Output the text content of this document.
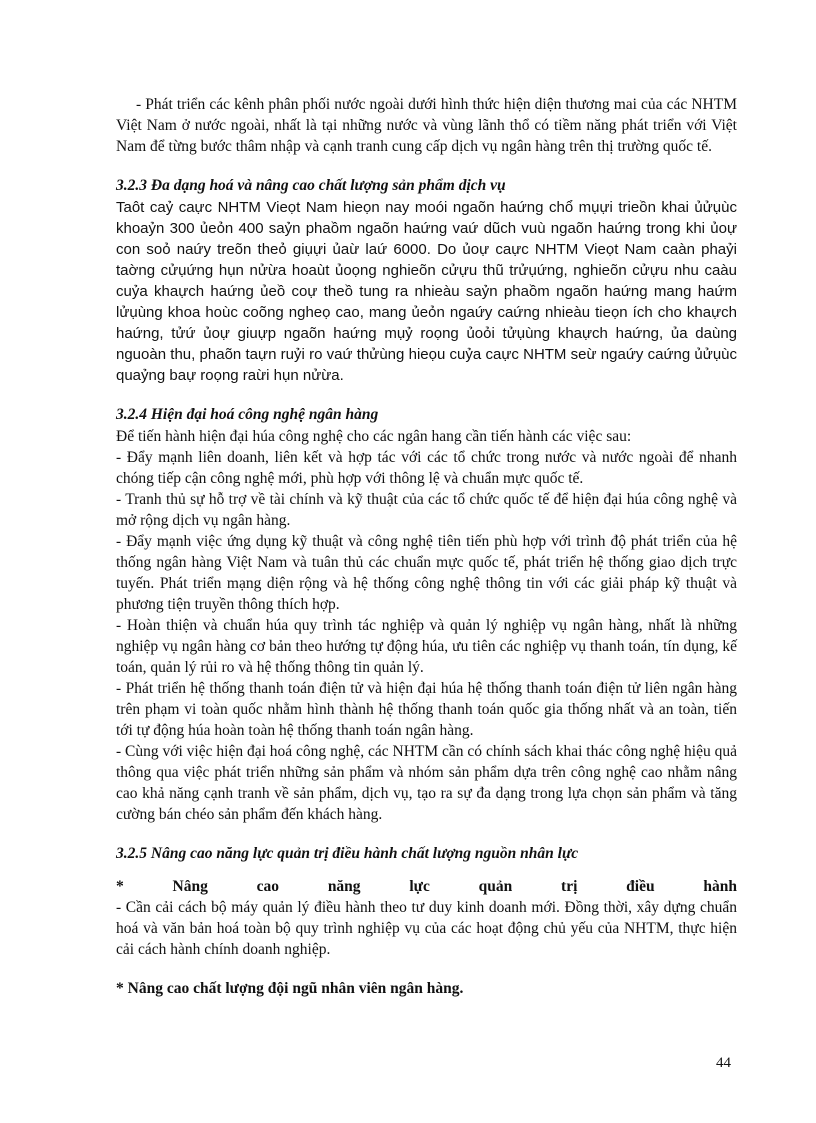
- Phát triển các kênh phân phối nước ngoài dưới hình thức hiện diện thương mai của các NHTM Việt Nam ở nước ngoài, nhất là tại những nước và vùng lãnh thổ có tiềm năng phát triển với Việt Nam để từng bước thâm nhập và cạnh tranh cung cấp dịch vụ ngân hàng trên thị trường quốc tế.

3.2.3 Đa dạng hoá và nâng cao chất lượng sản phẩm dịch vụ

Taôt caỷ caực NHTM Vieọt Nam hieọn nay moói ngaõn haứng chổ mụựi trieồn khai ủửụùc khoaỷn 300 ủeỏn 400 saỷn phaồm ngaõn haứng vaứ dũch vuù ngaõn haứng trong khi ủoự con soỏ naứy treõn theỏ giụựi ủaừ laứ 6000. Do ủoự caực NHTM Vieọt Nam caàn phaỷi taờng cửụứng hụn nửừa hoaùt ủoọng nghieõn cửựu thũ trửụứng, nghieõn cửựu nhu caàu cuỷa khaựch haứng ủeồ coự theồ tung ra nhieàu saỷn phaồm ngaõn haứng mang haứm lửụùng khoa hoùc coõng ngheọ cao, mang ủeỏn ngaứy caứng nhieàu tieọn ích cho khaựch haứng, tửứ ủoự giuựp ngaõn haứng mụỷ roọng ủoỏi tửụùng khaựch haứng, ủa daùng nguoàn thu, phaõn taựn ruỷi ro vaứ thửùng hieọu cuỷa caực NHTM seừ ngaứy caứng ủửụùc quaỷng baự roọng raừi hụn nửừa.

3.2.4 Hiện đại hoá công nghệ ngân hàng

Để tiến hành hiện đại húa công nghệ cho các ngân hang cần tiến hành các việc sau:

- Đẩy mạnh liên doanh, liên kết và hợp tác với các tổ chức trong nước và nước ngoài để nhanh chóng tiếp cận công nghệ mới, phù hợp với thông lệ và chuẩn mực quốc tế.

- Tranh thủ sự hỗ trợ về tài chính và kỹ thuật của các tổ chức quốc tế để hiện đại húa công nghệ và mở rộng dịch vụ ngân hàng.

- Đẩy mạnh việc ứng dụng kỹ thuật và công nghệ tiên tiến phù hợp với trình độ phát triển của hệ thống ngân hàng Việt Nam và tuân thủ các chuẩn mực quốc tế, phát triển hệ thống giao dịch trực tuyến. Phát triển mạng diện rộng và hệ thống công nghệ thông tin với các giải pháp kỹ thuật và phương tiện truyền thông thích hợp.

- Hoàn thiện và chuẩn húa quy trình tác nghiệp và quản lý nghiệp vụ ngân hàng, nhất là những nghiệp vụ ngân hàng cơ bản theo hướng tự động húa, ưu tiên các nghiệp vụ thanh toán, tín dụng, kế toán, quản lý rủi ro và hệ thống thông tin quản lý.

- Phát triển hệ thống thanh toán điện tử và hiện đại húa hệ thống thanh toán điện tử liên ngân hàng trên phạm vi toàn quốc nhằm hình thành hệ thống thanh toán quốc gia thống nhất và an toàn, tiến tới tự động húa hoàn toàn hệ thống thanh toán ngân hàng.

- Cùng với việc hiện đại hoá công nghệ, các NHTM cần có chính sách khai thác công nghệ hiệu quả thông qua việc phát triển những sản phẩm và nhóm sản phẩm dựa trên công nghệ cao nhằm nâng cao khả năng cạnh tranh về sản phẩm, dịch vụ, tạo ra sự đa dạng trong lựa chọn sản phẩm và tăng cường bán chéo sản phẩm đến khách hàng.

3.2.5 Nâng cao năng lực quản trị điều hành chất lượng nguồn nhân lực

* Nâng cao năng lực quản trị điều hành

- Cần cải cách bộ máy quản lý điều hành theo tư duy kinh doanh mới. Đồng thời, xây dựng chuẩn hoá và văn bản hoá toàn bộ quy trình nghiệp vụ của các hoạt động chủ yếu của NHTM, thực hiện cải cách hành chính doanh nghiệp.

* Nâng cao chất lượng đội ngũ nhân viên ngân hàng.

44
